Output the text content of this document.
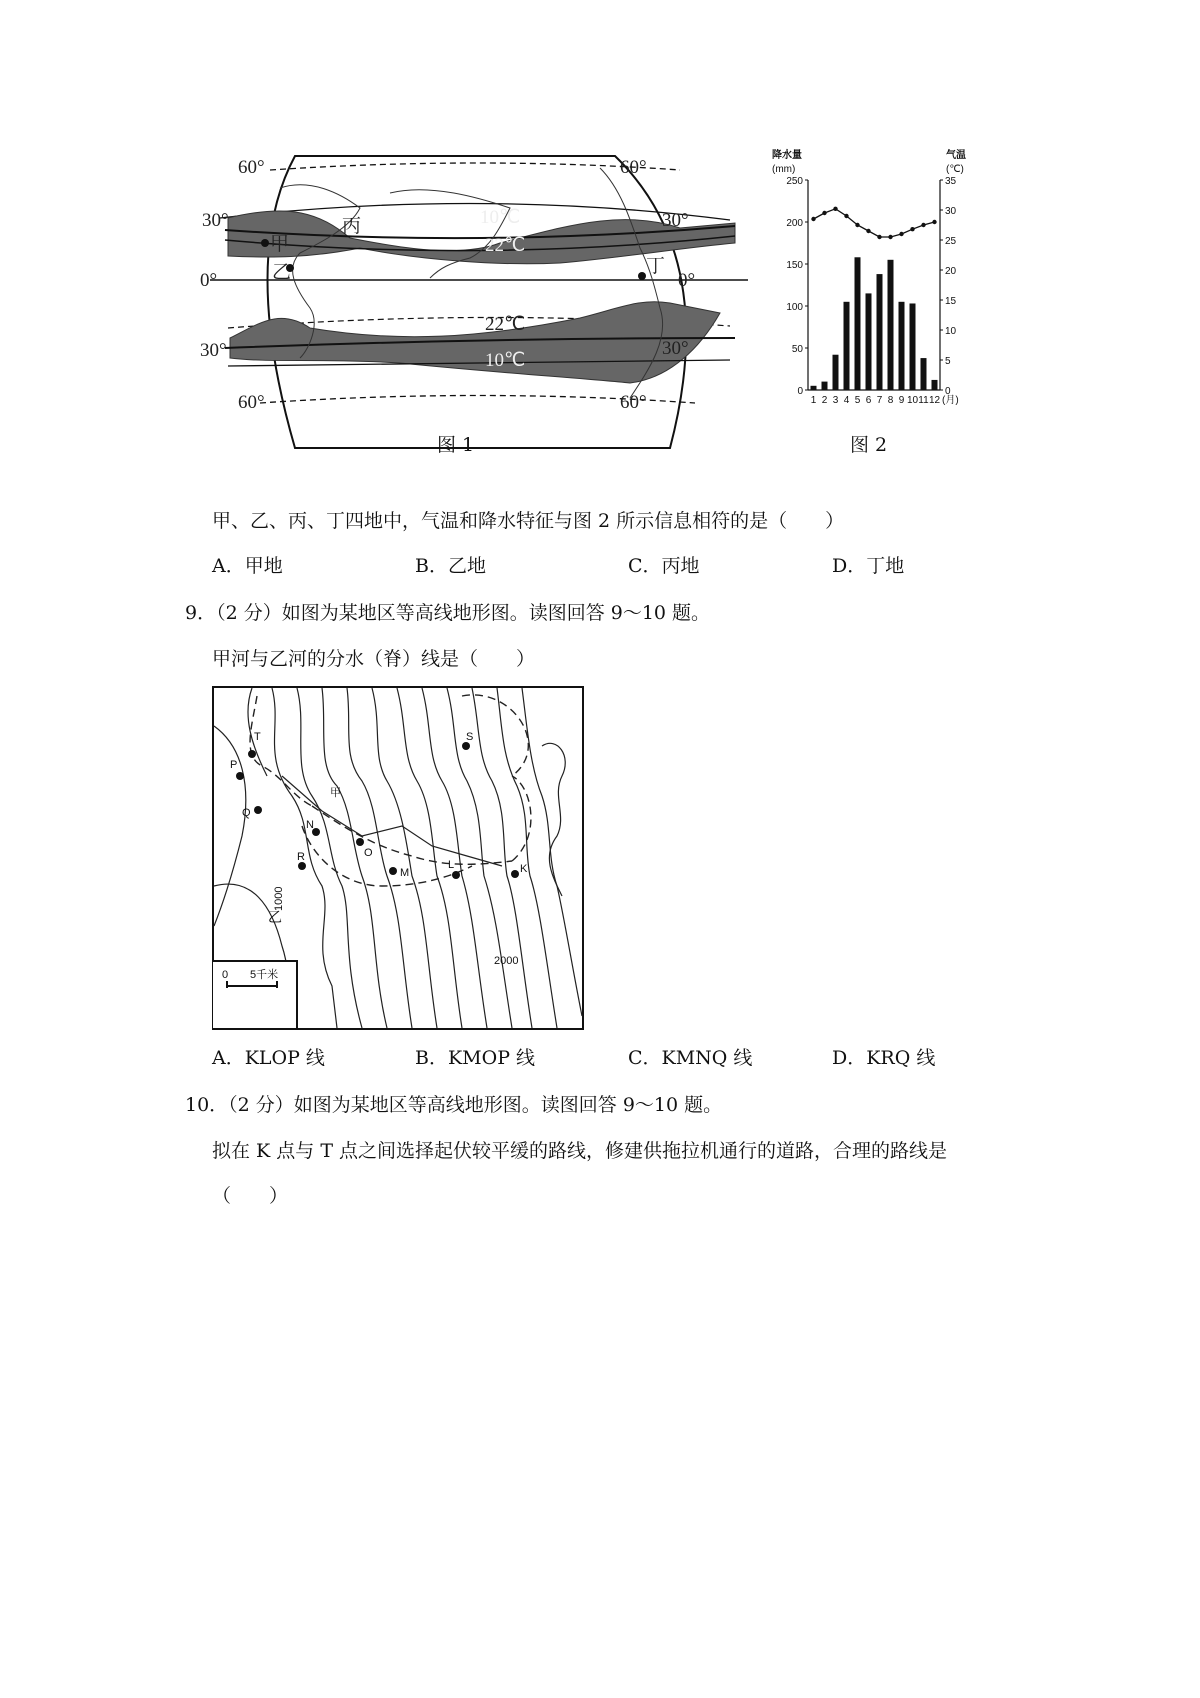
60°	60°
30°	30°
0°	0°
30°	30°
60°	60°
10℃
22℃
22℃
10℃
甲
乙
丙
丁
图 1
降水量
(mm)
气温
(℃)
0
50
100
150
200
250
0
5
10
15
20
25
30
35
1 2 3 4 5 6 7 8 9 10 11 12 (月)
图 2
甲、乙、丙、丁四地中，气温和降水特征与图 2 所示信息相符的是（　　）
A．甲地	B．乙地	C．丙地	D．丁地
9．（2 分）如图为某地区等高线地形图。读图回答 9～10 题。
甲河与乙河的分水（脊）线是（　　）
0 5千米
T
P
Q
N
R	O
M
L	K
S
甲
乙
1000
2000
A．KLOP 线	B．KMOP 线	C．KMNQ 线	D．KRQ 线
10．（2 分）如图为某地区等高线地形图。读图回答 9～10 题。
拟在 K 点与 T 点之间选择起伏较平缓的路线，修建供拖拉机通行的道路，合理的路线是
（　　）
